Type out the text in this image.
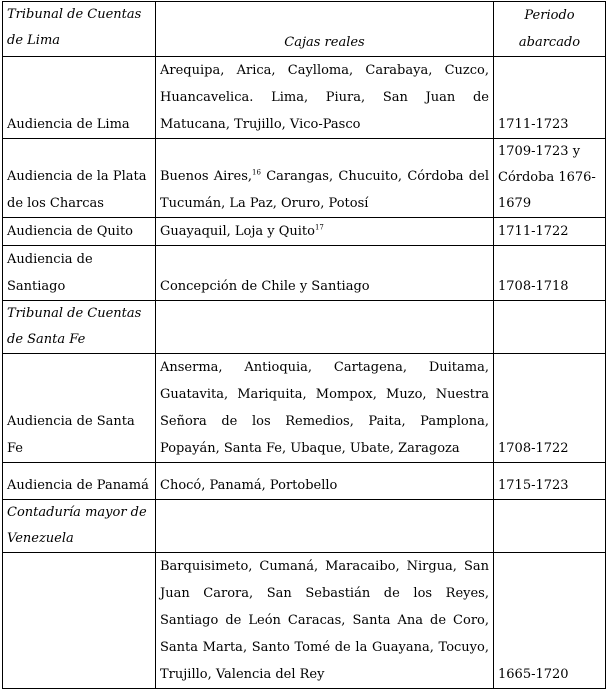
Tribunal de Cuentas de Lima	Cajas reales	Periodo abarcado
Audiencia de Lima	Arequipa, Arica, Caylloma, Carabaya, Cuzco, Huancavelica. Lima, Piura, San Juan de Matucana, Trujillo, Vico-Pasco	1711-1723
Audiencia de la Plata de los Charcas	Buenos Aires,$^{16}$ Carangas, Chucuito, Córdoba del Tucumán, La Paz, Oruro, Potosí	1709-1723 y Córdoba 1676-1679
Audiencia de Quito	Guayaquil, Loja y Quito$^{17}$	1711-1722
Audiencia de Santiago	Concepción de Chile y Santiago	1708-1718
Tribunal de Cuentas de Santa Fe		
Audiencia de Santa Fe	Anserma, Antioquia, Cartagena, Duitama, Guatavita, Mariquita, Mompox, Muzo, Nuestra Señora de los Remedios, Paita, Pamplona, Popayán, Santa Fe, Ubaque, Ubate, Zaragoza	1708-1722
Audiencia de Panamá	Chocó, Panamá, Portobello	1715-1723
Contaduría mayor de Venezuela		
	Barquisimeto, Cumaná, Maracaibo, Nirgua, San Juan Carora, San Sebastián de los Reyes, Santiago de León Caracas, Santa Ana de Coro, Santa Marta, Santo Tomé de la Guayana, Tocuyo, Trujillo, Valencia del Rey	1665-1720
